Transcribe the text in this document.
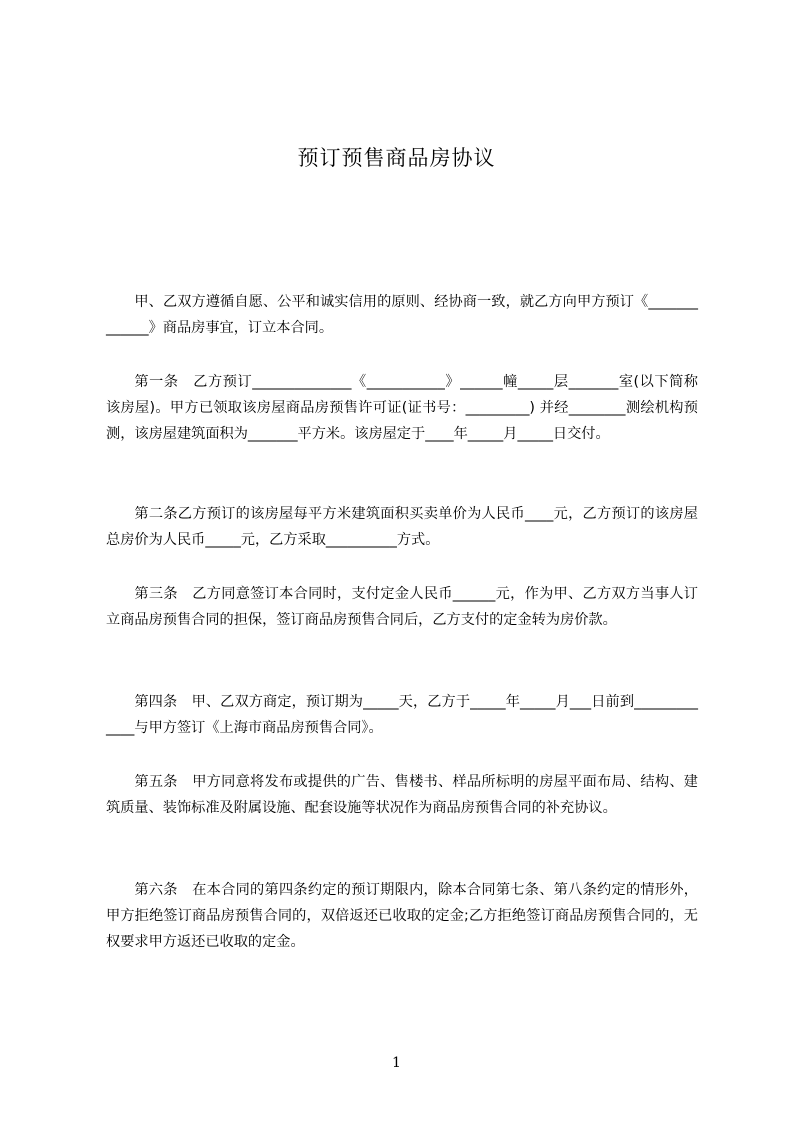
预订预售商品房协议

甲、乙双方遵循自愿、公平和诚实信用的原则、经协商一致，就乙方向甲方预订《_____________》商品房事宜，订立本合同。

第一条　乙方预订______________《___________》______幢_____层_______室(以下简称该房屋)。甲方已领取该房屋商品房预售许可证(证书号：_________) 并经________测绘机构预测，该房屋建筑面积为_______平方米。该房屋定于____年_____月_____日交付。

第二条乙方预订的该房屋每平方米建筑面积买卖单价为人民币____元，乙方预订的该房屋总房价为人民币_____元，乙方采取__________方式。

第三条　乙方同意签订本合同时，支付定金人民币______元，作为甲、乙方双方当事人订立商品房预售合同的担保，签订商品房预售合同后，乙方支付的定金转为房价款。

第四条　甲、乙双方商定，预订期为_____天，乙方于_____年_____月___日前到_____________与甲方签订《上海市商品房预售合同》。

第五条　甲方同意将发布或提供的广告、售楼书、样品所标明的房屋平面布局、结构、建筑质量、装饰标准及附属设施、配套设施等状况作为商品房预售合同的补充协议。

第六条　在本合同的第四条约定的预订期限内，除本合同第七条、第八条约定的情形外，甲方拒绝签订商品房预售合同的，双倍返还已收取的定金;乙方拒绝签订商品房预售合同的，无权要求甲方返还已收取的定金。

1
